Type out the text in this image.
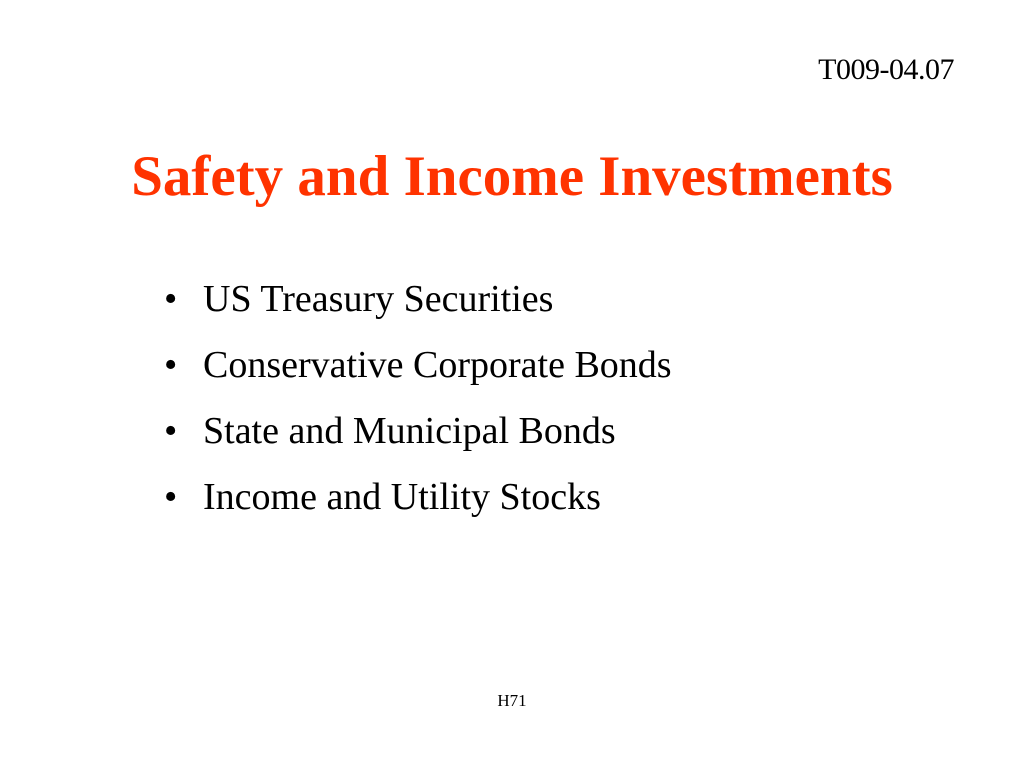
T009-04.07
Safety and Income Investments
• US Treasury Securities
• Conservative Corporate Bonds
• State and Municipal Bonds
• Income and Utility Stocks
H71
